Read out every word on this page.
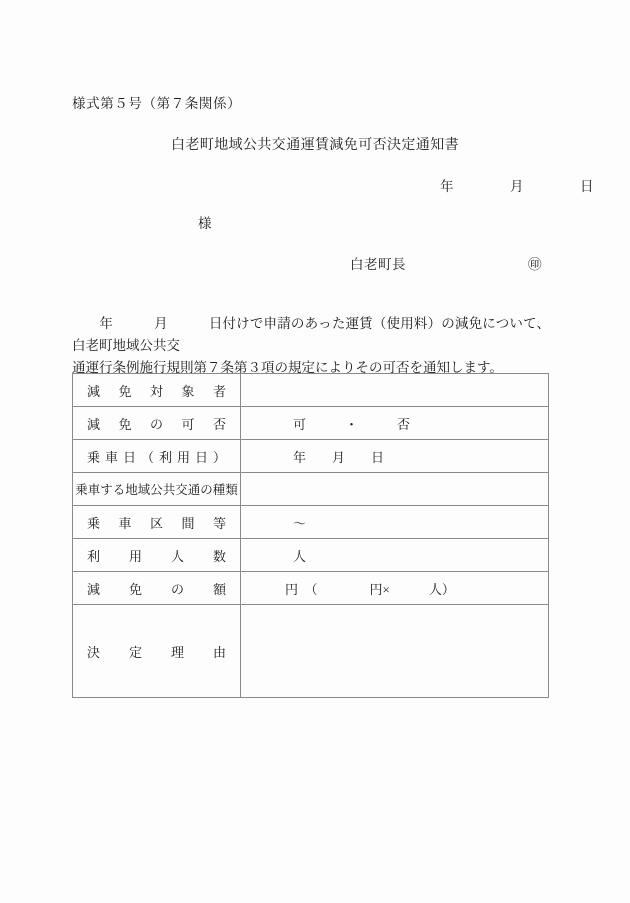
様式第５号（第７条関係）
白老町地域公共交通運賃減免可否決定通知書
年　　　　月　　　　日
様
白老町長	㊞
　　年　　　月　　　日付けで申請のあった運賃（使用料）の減免について、白老町地域公共交
通運行条例施行規則第７条第３項の規定によりその可否を通知します。
減免対象者	

減免の可否	可　　　・　　　否

乗車日（利用日）	年　　月　　日

乗車する地域公共交通の種類	

乗車区間等	～

利用人数	人

減免の額	円　（　　　　円×　　　人）

決定理由	
